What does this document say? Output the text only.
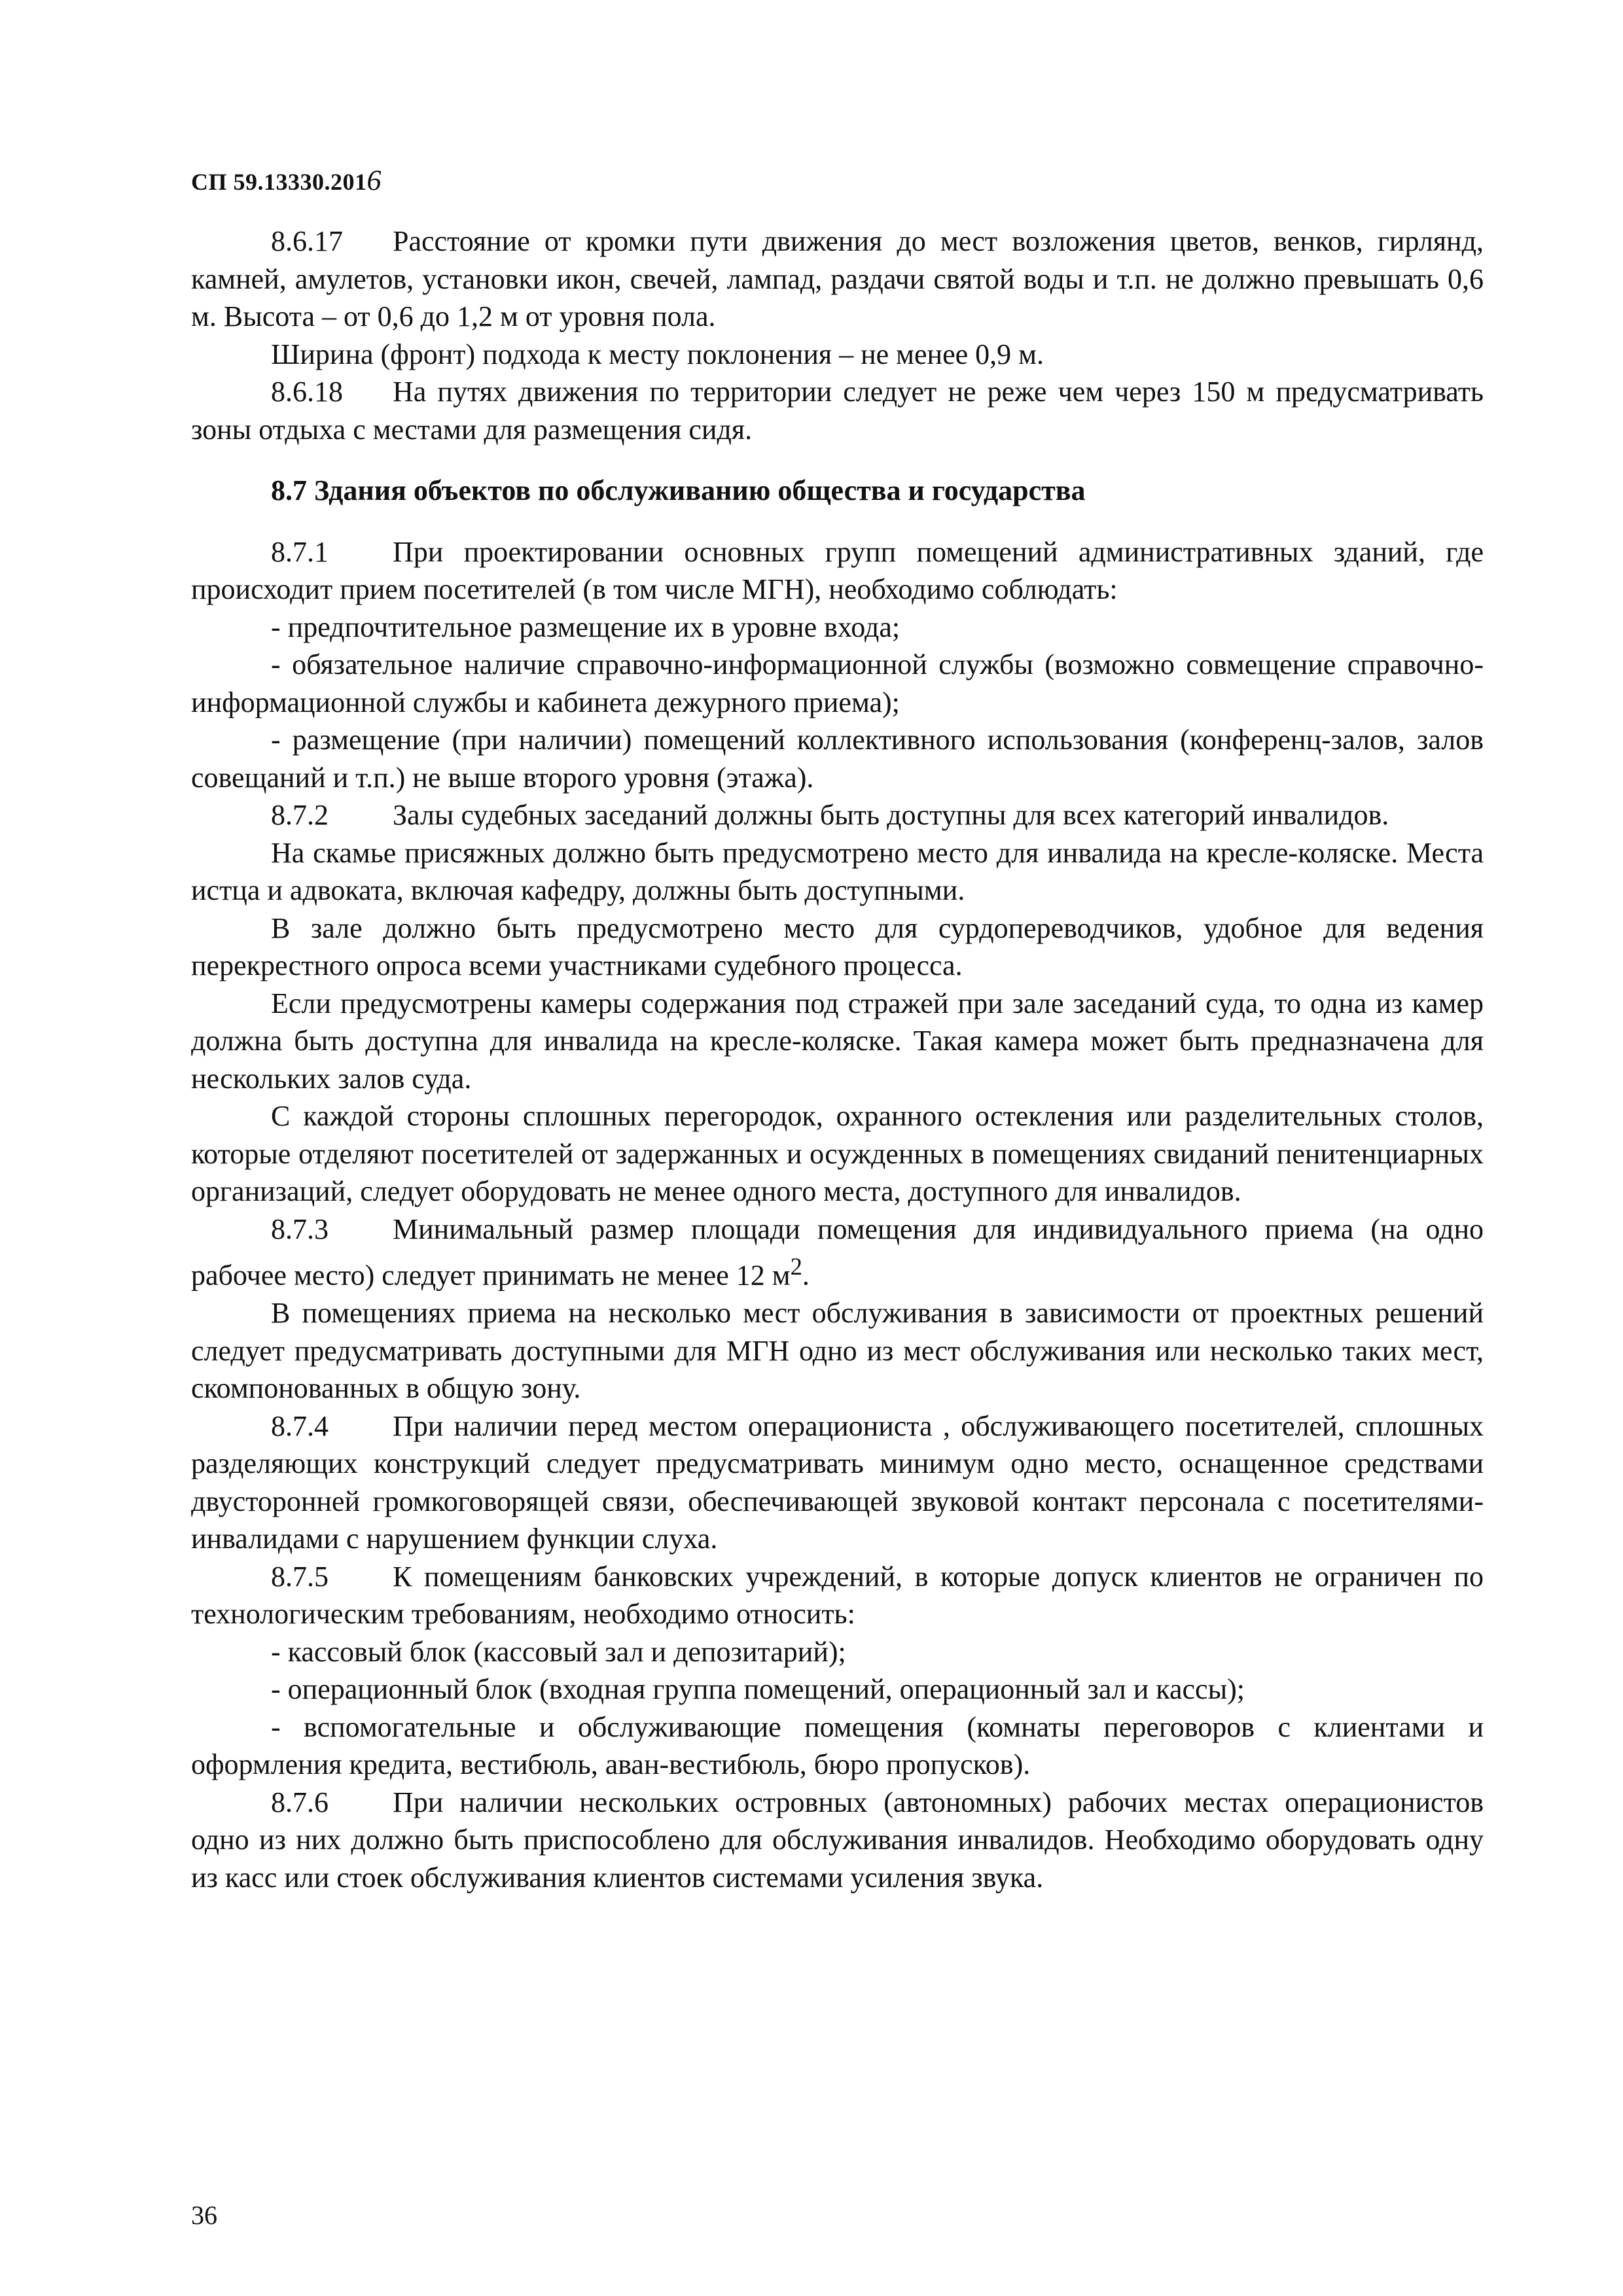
СП 59.13330.2016

8.6.17 Расстояние от кромки пути движения до мест возложения цветов, венков, гирлянд, камней, амулетов, установки икон, свечей, лампад, раздачи святой воды и т.п. не должно превышать 0,6 м. Высота – от 0,6 до 1,2 м от уровня пола.

Ширина (фронт) подхода к месту поклонения – не менее 0,9 м.

8.6.18 На путях движения по территории следует не реже чем через 150 м предусматривать зоны отдыха с местами для размещения сидя.

8.7 Здания объектов по обслуживанию общества и государства

8.7.1 При проектировании основных групп помещений административных зданий, где происходит прием посетителей (в том числе МГН), необходимо соблюдать:

- предпочтительное размещение их в уровне входа;

- обязательное наличие справочно-информационной службы (возможно совмещение справочно-информационной службы и кабинета дежурного приема);

- размещение (при наличии) помещений коллективного использования (конференц-залов, залов совещаний и т.п.) не выше второго уровня (этажа).

8.7.2 Залы судебных заседаний должны быть доступны для всех категорий инвалидов.

На скамье присяжных должно быть предусмотрено место для инвалида на кресле-коляске. Места истца и адвоката, включая кафедру, должны быть доступными.

В зале должно быть предусмотрено место для сурдопереводчиков, удобное для ведения перекрестного опроса всеми участниками судебного процесса.

Если предусмотрены камеры содержания под стражей при зале заседаний суда, то одна из камер должна быть доступна для инвалида на кресле-коляске. Такая камера может быть предназначена для нескольких залов суда.

С каждой стороны сплошных перегородок, охранного остекления или разделительных столов, которые отделяют посетителей от задержанных и осужденных в помещениях свиданий пенитенциарных организаций, следует оборудовать не менее одного места, доступного для инвалидов.

8.7.3 Минимальный размер площади помещения для индивидуального приема (на одно рабочее место) следует принимать не менее 12 $м^2$.

В помещениях приема на несколько мест обслуживания в зависимости от проектных решений следует предусматривать доступными для МГН одно из мест обслуживания или несколько таких мест, скомпонованных в общую зону.

8.7.4 При наличии перед местом операциониста , обслуживающего посетителей, сплошных разделяющих конструкций следует предусматривать минимум одно место, оснащенное средствами двусторонней громкоговорящей связи, обеспечивающей звуковой контакт персонала с посетителями-инвалидами с нарушением функции слуха.

8.7.5 К помещениям банковских учреждений, в которые допуск клиентов не ограничен по технологическим требованиям, необходимо относить:

- кассовый блок (кассовый зал и депозитарий);

- операционный блок (входная группа помещений, операционный зал и кассы);

- вспомогательные и обслуживающие помещения (комнаты переговоров с клиентами и оформления кредита, вестибюль, аван-вестибюль, бюро пропусков).

8.7.6 При наличии нескольких островных (автономных) рабочих местах операционистов одно из них должно быть приспособлено для обслуживания инвалидов. Необходимо оборудовать одну из касс или стоек обслуживания клиентов системами усиления звука.

36
